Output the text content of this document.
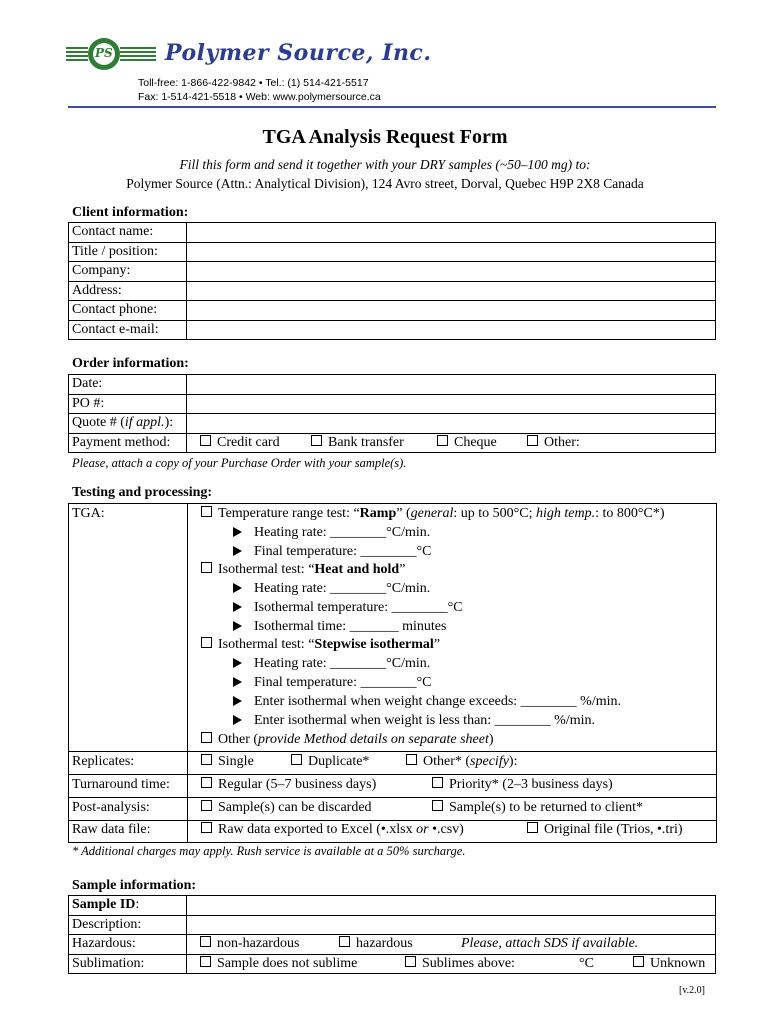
PS Polymer Source, Inc.
Toll-free: 1-866-422-9842 • Tel.: (1) 514-421-5517
Fax: 1-514-421-5518 • Web: www.polymersource.ca
TGA Analysis Request Form
Fill this form and send it together with your DRY samples (~50–100 mg) to:
Polymer Source (Attn.: Analytical Division), 124 Avro street, Dorval, Quebec H9P 2X8 Canada
Client information:
Contact name:	
Title / position:	
Company:	
Address:	
Contact phone:	
Contact e-mail:	
Order information:
Date:	
PO #:	
Quote # (if appl.):	
Payment method:	Credit card Bank transfer Cheque Other:
Please, attach a copy of your Purchase Order with your sample(s).
Testing and processing:
TGA:	Temperature range test: “Ramp” (general: up to 500°C; high temp.: to 800°C*)
Heating rate: ________°C/min.
Final temperature: ________°C
Isothermal test: “Heat and hold”
Heating rate: ________°C/min.
Isothermal temperature: ________°C
Isothermal time: _______ minutes
Isothermal test: “Stepwise isothermal”
Heating rate: ________°C/min.
Final temperature: ________°C
Enter isothermal when weight change exceeds: ________ %/min.
Enter isothermal when weight is less than: ________ %/min.
Other (provide Method details on separate sheet)
Replicates:	Single	Duplicate*	Other* (specify):
Turnaround time:	Regular (5–7 business days)	Priority* (2–3 business days)
Post-analysis:	Sample(s) can be discarded	Sample(s) to be returned to client*
Raw data file:	Raw data exported to Excel (•.xlsx or •.csv)	Original file (Trios, •.tri)
* Additional charges may apply. Rush service is available at a 50% surcharge.
Sample information:
Sample ID:	
Description:	
Hazardous:	non-hazardous hazardous Please, attach SDS if available.

Sublimation:	Sample does not sublime Sublimes above: °C Unknown
[v.2.0]
